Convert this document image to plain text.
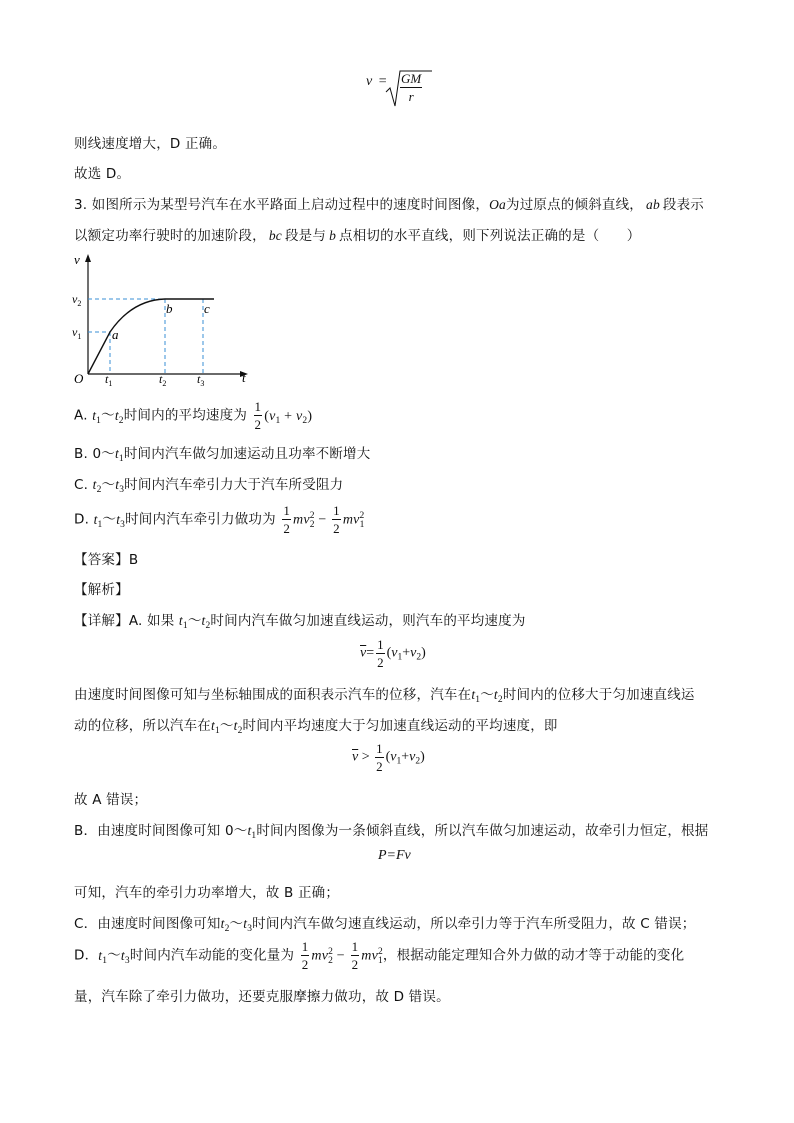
$v = \frac{GM}{r}$
则线速度增大，D 正确。
故选 D。
3. 如图所示为某型号汽车在水平路面上启动过程中的速度时间图像，Oa为过原点的倾斜直线， ab 段表示
以额定功率行驶时的加速阶段， bc 段是与 b 点相切的水平直线，则下列说法正确的是（　　）
v
t
O
$v_2$
$v_1$
$t_1$	$t_2$	$t_3$
a
b c
A. $t_1\sim t_2$时间内的平均速度为 $\frac{1}{2} (v_1 + v_2)$
B. $0\sim t_1$时间内汽车做匀加速运动且功率不断增大
C. $t_2\sim t_3$时间内汽车牵引力大于汽车所受阻力
D. $t_1\sim t_3$时间内汽车牵引力做功为 $\frac{1}{2} mv_2^2 - \frac{1}{2} mv_1^2$
【答案】B
【解析】
【详解】A. 如果 $t_1\sim t_2$时间内汽车做匀加速直线运动，则汽车的平均速度为
$\overline{v}= \frac{1}{2} (v_1+v_2)$
由速度时间图像可知与坐标轴围成的面积表示汽车的位移，汽车在$t_1\sim t_2$时间内的位移大于匀加速直线运
动的位移，所以汽车在$t_1\sim t_2$时间内平均速度大于匀加速直线运动的平均速度，即
$\overline{v} > \frac{1}{2} (v_1+v_2)$
故 A 错误；
B．由速度时间图像可知 $0\sim t_1$时间内图像为一条倾斜直线，所以汽车做匀加速运动，故牵引力恒定，根据
P=Fv
可知，汽车的牵引力功率增大，故 B 正确；
C．由速度时间图像可知$t_2\sim t_3$时间内汽车做匀速直线运动，所以牵引力等于汽车所受阻力，故 C 错误；
D．$t_1\sim t_3$时间内汽车动能的变化量为 $\frac{1}{2} mv_2^2 - \frac{1}{2} mv_1^2$，根据动能定理知合外力做的动才等于动能的变化
量，汽车除了牵引力做功，还要克服摩擦力做功，故 D 错误。
